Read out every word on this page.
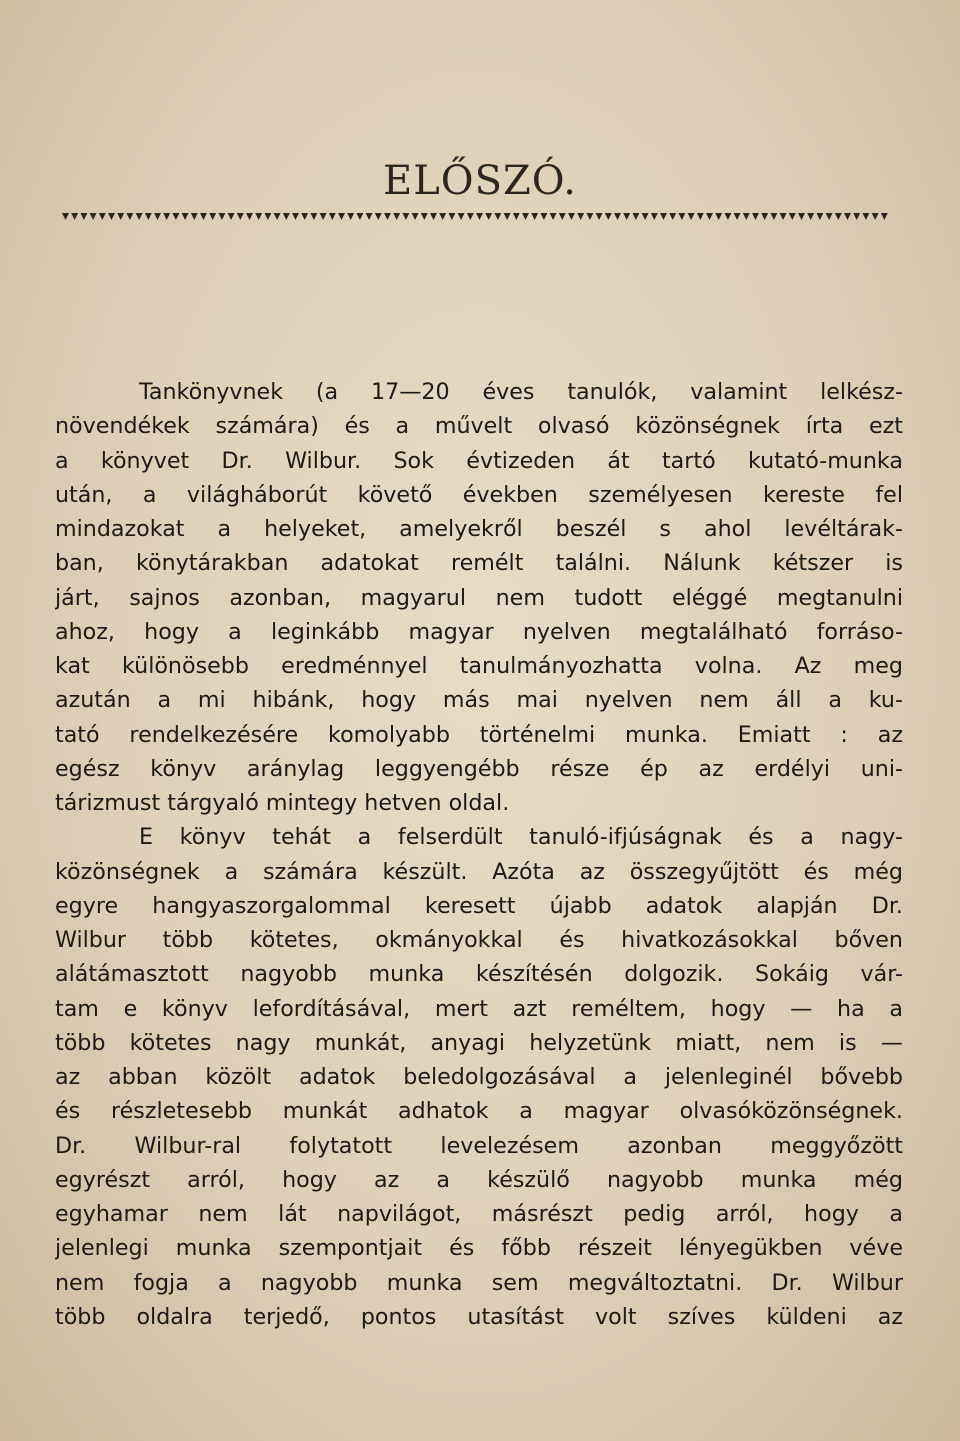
ELŐSZÓ.
Tankönyvnek (a 17—20 éves tanulók, valamint lelkész-
növendékek számára) és a művelt olvasó közönségnek írta ezt
a könyvet Dr. Wilbur. Sok évtizeden át tartó kutató-munka
után, a világháborút követő években személyesen kereste fel
mindazokat a helyeket, amelyekről beszél s ahol levéltárak-
ban, könytárakban adatokat remélt találni. Nálunk kétszer is
járt, sajnos azonban, magyarul nem tudott eléggé megtanulni
ahoz, hogy a leginkább magyar nyelven megtalálható forráso-
kat különösebb eredménnyel tanulmányozhatta volna. Az meg
azután a mi hibánk, hogy más mai nyelven nem áll a ku-
tató rendelkezésére komolyabb történelmi munka. Emiatt : az
egész könyv aránylag leggyengébb része ép az erdélyi uni-
tárizmust tárgyaló mintegy hetven oldal.
E könyv tehát a felserdült tanuló-ifjúságnak és a nagy-
közönségnek a számára készült. Azóta az összegyűjtött és még
egyre hangyaszorgalommal keresett újabb adatok alapján Dr.
Wilbur több kötetes, okmányokkal és hivatkozásokkal bőven
alátámasztott nagyobb munka készítésén dolgozik. Sokáig vár-
tam e könyv lefordításával, mert azt reméltem, hogy — ha a
több kötetes nagy munkát, anyagi helyzetünk miatt, nem is —
az abban közölt adatok beledolgozásával a jelenleginél bővebb
és részletesebb munkát adhatok a magyar olvasóközönségnek.
Dr. Wilbur-ral folytatott levelezésem azonban meggyőzött
egyrészt arról, hogy az a készülő nagyobb munka még
egyhamar nem lát napvilágot, másrészt pedig arról, hogy a
jelenlegi munka szempontjait és főbb részeit lényegükben véve
nem fogja a nagyobb munka sem megváltoztatni. Dr. Wilbur
több oldalra terjedő, pontos utasítást volt szíves küldeni az
